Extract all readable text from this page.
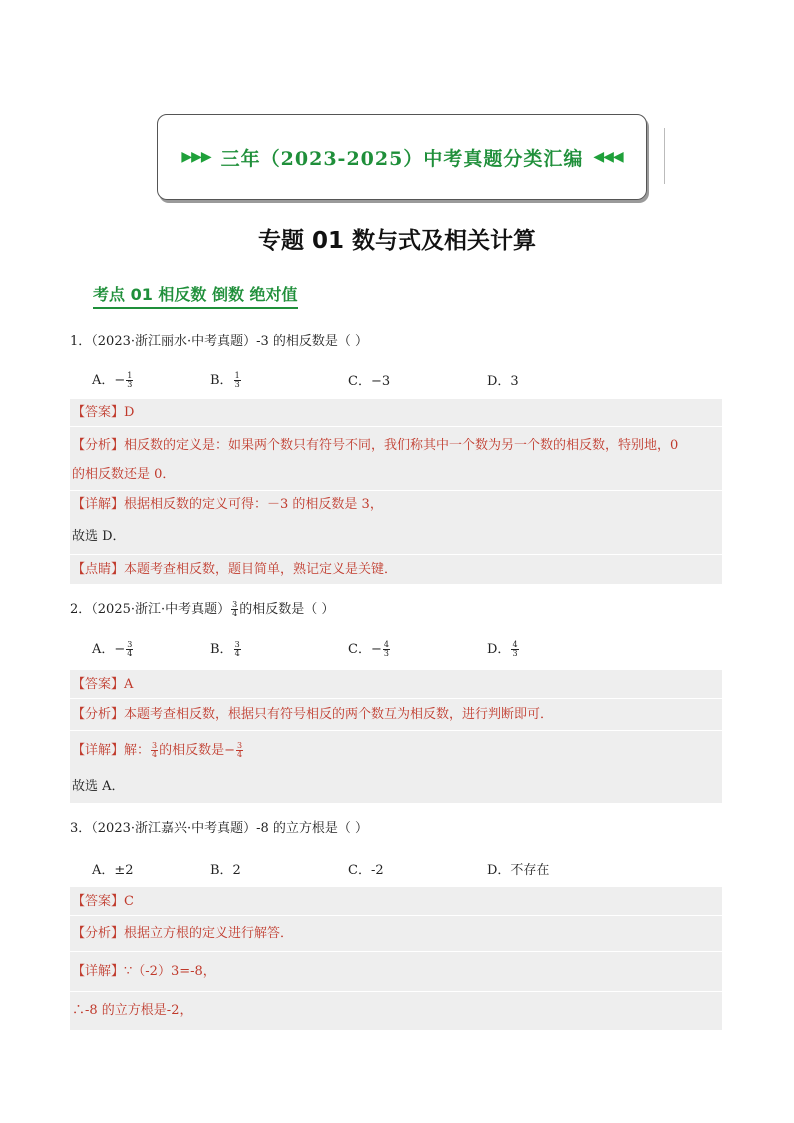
▶▶▶ 三年（2023-2025）中考真题分类汇编 ◀◀◀
专题 01 数与式及相关计算
考点 01 相反数 倒数 绝对值
1．（2023·浙江丽水·中考真题）-3 的相反数是（ ）
A．− $\frac{1}{3}$	B． $\frac{1}{3}$	C．−3	D．3
【答案】D
【分析】相反数的定义是：如果两个数只有符号不同，我们称其中一个数为另一个数的相反数，特别地，0
的相反数还是 0．
【详解】根据相反数的定义可得：－3 的相反数是 3，
故选 D．
【点睛】本题考查相反数，题目简单，熟记定义是关键．
2．（2025·浙江·中考真题） $\frac{3}{4}$ 的相反数是（ ）
A．− $\frac{3}{4}$	B． $\frac{3}{4}$	C．− $\frac{4}{3}$	D． $\frac{4}{3}$
【答案】A
【分析】本题考查相反数，根据只有符号相反的两个数互为相反数，进行判断即可．
【详解】解： $\frac{3}{4}$ 的相反数是− $\frac{3}{4}$
故选 A．
3．（2023·浙江嘉兴·中考真题）-8 的立方根是（ ）
A．±2	B．2	C．-2	D．不存在
【答案】C
【分析】根据立方根的定义进行解答．
【详解】∵（-2）3=-8，
∴-8 的立方根是-2，
